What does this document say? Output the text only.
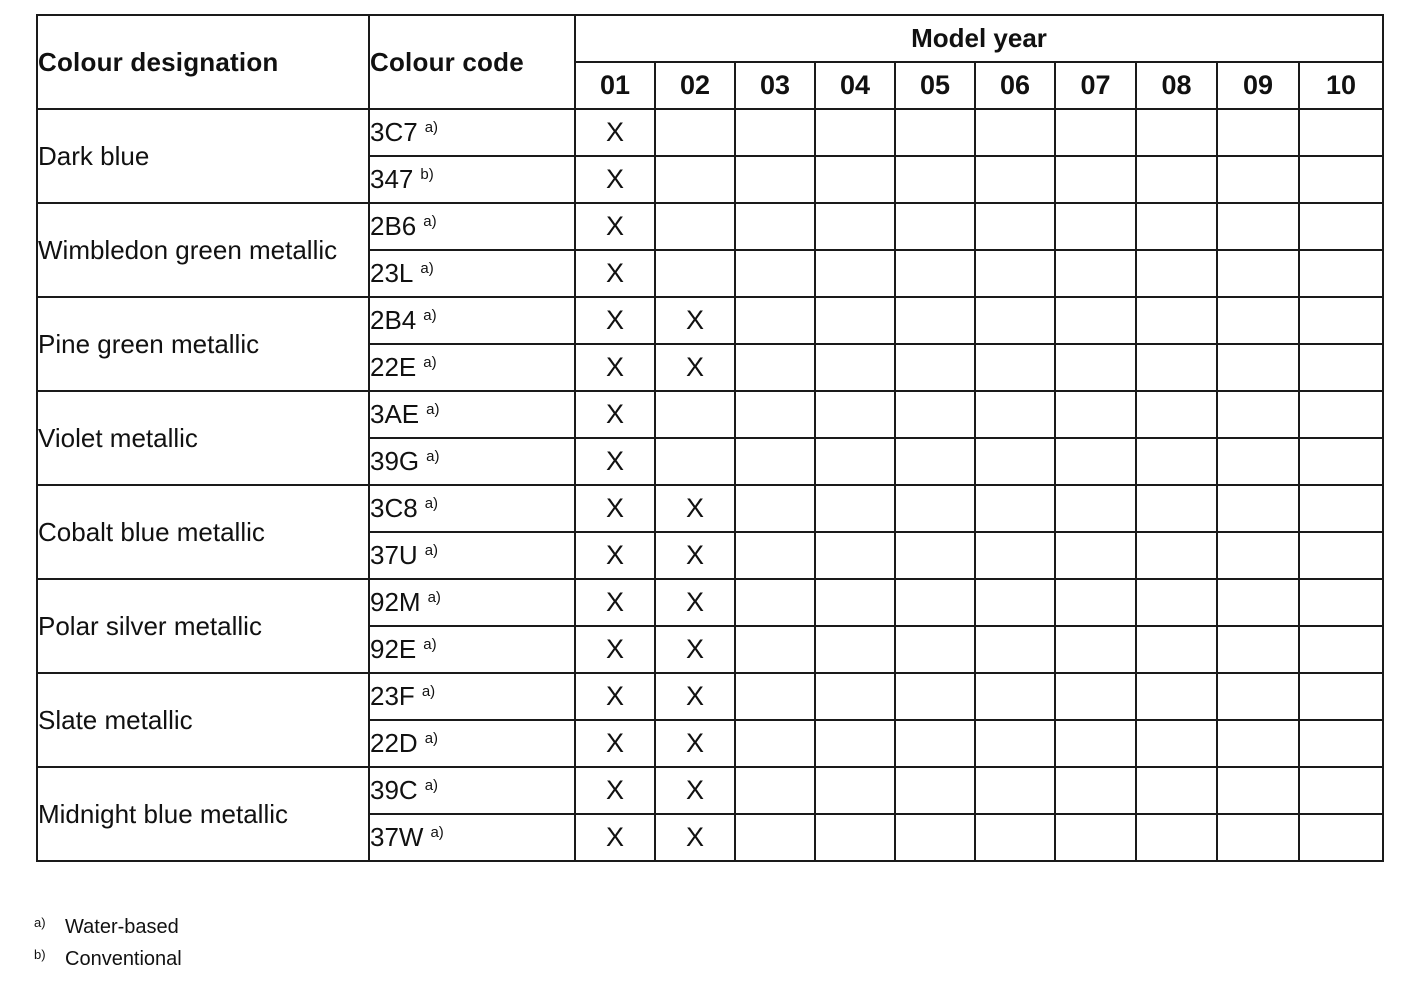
Colour designation	Colour code	Model year									
		01	02	03	04	05	06	07	08	09	10
Dark blue	3C7 $^{a)}$	X									
	347 $^{b)}$	X									
Wimbledon green metallic	2B6 $^{a)}$	X									
	23L $^{a)}$	X									
Pine green metallic	2B4 $^{a)}$	X	X								
	22E $^{a)}$	X	X								
Violet metallic	3AE $^{a)}$	X									
	39G $^{a)}$	X									
Cobalt blue metallic	3C8 $^{a)}$	X	X								
	37U $^{a)}$	X	X								
Polar silver metallic	92M $^{a)}$	X	X								
	92E $^{a)}$	X	X								
Slate metallic	23F $^{a)}$	X	X								
	22D $^{a)}$	X	X								
Midnight blue metallic	39C $^{a)}$	X	X								
	37W $^{a)}$	X	X								
a) Water-based
b) Conventional
